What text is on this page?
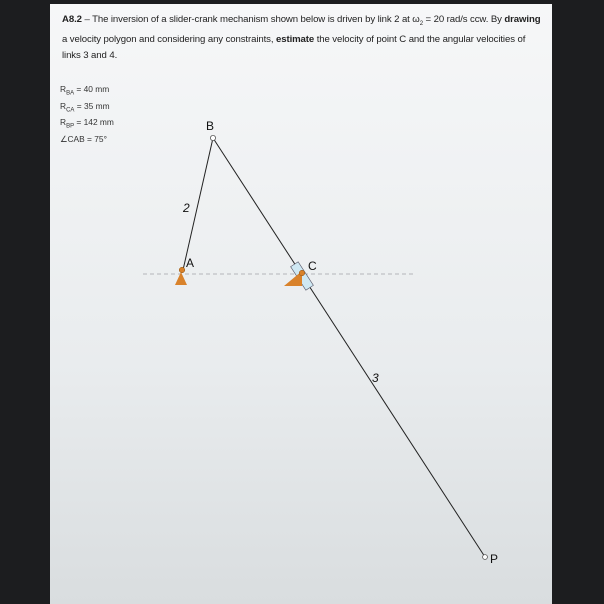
A8.2 – The inversion of a slider-crank mechanism shown below is driven by link 2 at $\omega_2 = 20$ rad/s ccw. By drawing a velocity polygon and considering any constraints, estimate the velocity of point C and the angular velocities of links 3 and 4.
$R_{BA} = 40$ mm
$R_{CA} = 35$ mm
$R_{BP} = 142$ mm
∠CAB = 75°
B
A	C
P
2
3
